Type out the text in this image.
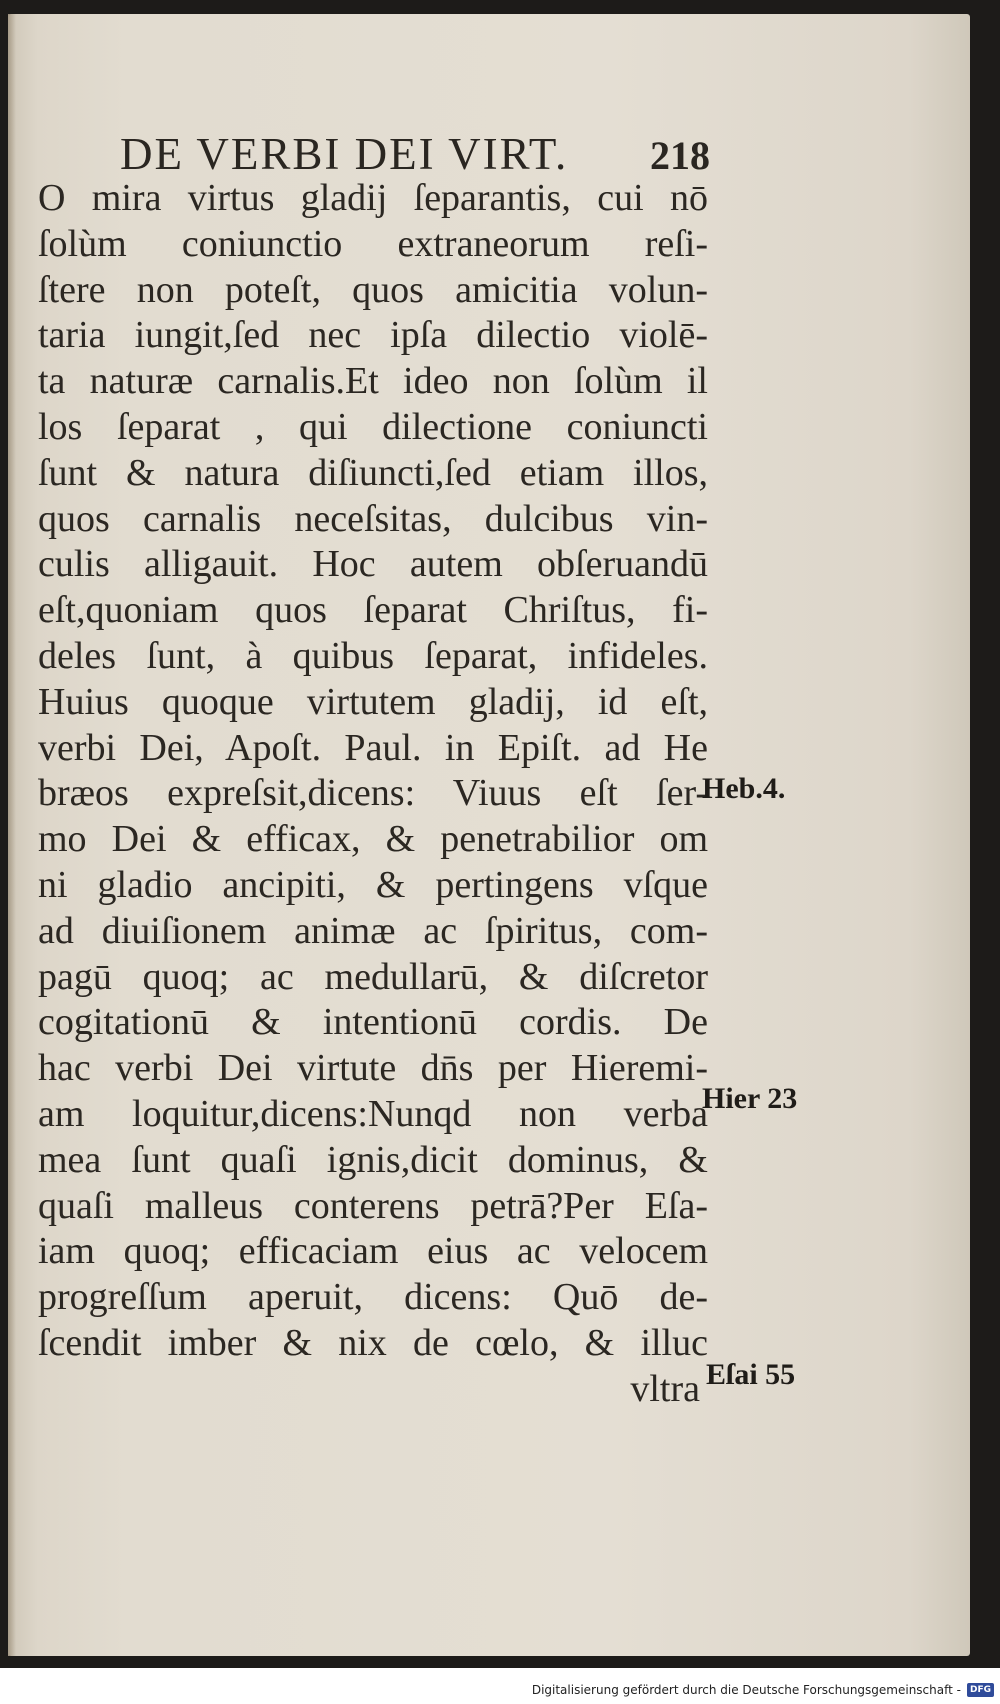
DE VERBI DEI VIRT. 218
O mira virtus gladij ſeparantis, cui nō
ſolùm coniunctio extraneorum reſi-
ſtere non poteſt, quos amicitia volun-
taria iungit,ſed nec ipſa dilectio violē-
ta naturæ carnalis.Et ideo non ſolùm il
los ſeparat , qui dilectione coniuncti
ſunt & natura diſiuncti,ſed etiam illos,
quos carnalis neceſsitas, dulcibus vin-
culis alligauit. Hoc autem obſeruandū
eſt,quoniam quos ſeparat Chriſtus, fi-
deles ſunt, à quibus ſeparat, infideles.
Huius quoque virtutem gladij, id eſt,
verbi Dei, Apoſt. Paul. in Epiſt. ad He
bræos expreſsit,dicens: Viuus eſt ſer-
mo Dei & efficax, & penetrabilior om
ni gladio ancipiti, & pertingens vſque
ad diuiſionem animæ ac ſpiritus, com-
pagū quoq; ac medullarū, & diſcretor
cogitationū & intentionū cordis. De
hac verbi Dei virtute dn̄s per Hieremi-
am loquitur,dicens:Nunqd non verba
mea ſunt quaſi ignis,dicit dominus, &
quaſi malleus conterens petrā?Per Eſa-
iam quoq; efficaciam eius ac velocem
progreſſum aperuit, dicens: Quō de-
ſcendit imber & nix de cœlo, & illuc
vltra
Heb.4.
Hier 23
Eſai 55
Digitalisierung gefördert durch die Deutsche Forschungsgemeinschaft -	DFG
